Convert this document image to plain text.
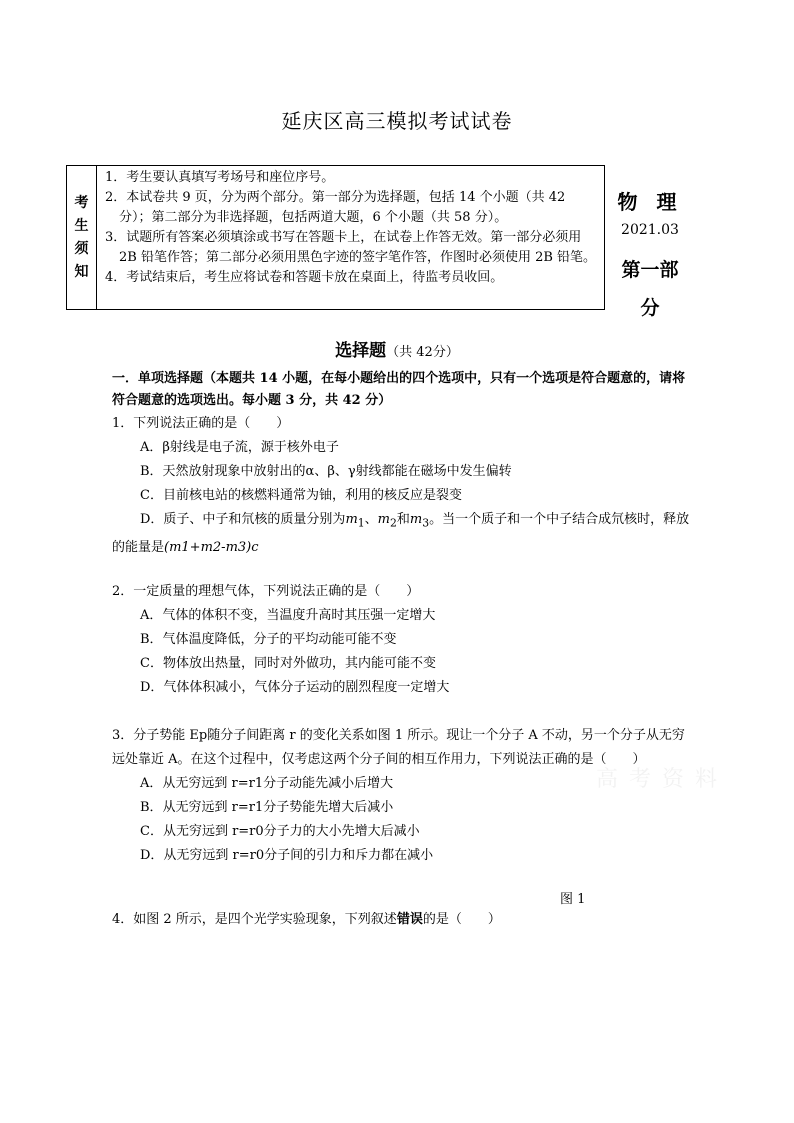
延庆区高三模拟考试试卷
考
生
须
知
1．考生要认真填写考场号和座位序号。
2．本试卷共 9 页，分为两个部分。第一部分为选择题，包括 14 个小题（共 42 分）；第二部分为非选择题，包括两道大题，6 个小题（共 58 分）。
3．试题所有答案必须填涂或书写在答题卡上，在试卷上作答无效。第一部分必须用 2B 铅笔作答；第二部分必须用黑色字迹的签字笔作答，作图时必须使用 2B 铅笔。
4．考试结束后，考生应将试卷和答题卡放在桌面上，待监考员收回。
物 理
2021.03
第一部
分
选择题（共 42分）
一．单项选择题（本题共 14 小题，在每小题给出的四个选项中，只有一个选项是符合题意的，请将符合题意的选项选出。每小题 3 分，共 42 分）
1．下列说法正确的是（　　）
A．β射线是电子流，源于核外电子
B．天然放射现象中放射出的α、β、γ射线都能在磁场中发生偏转
C．目前核电站的核燃料通常为铀，利用的核反应是裂变
D．质子、中子和氘核的质量分别为$m_1$、$m_2$和$m_3$。当一个质子和一个中子结合成氘核时，释放的能量是(m1+m2-m3)c
2．一定质量的理想气体，下列说法正确的是（　　）
A．气体的体积不变，当温度升高时其压强一定增大
B．气体温度降低，分子的平均动能可能不变
C．物体放出热量，同时对外做功，其内能可能不变
D．气体体积减小，气体分子运动的剧烈程度一定增大
3．分子势能 Ep随分子间距离 r 的变化关系如图 1 所示。现让一个分子 A 不动，另一个分子从无穷远处靠近 A。在这个过程中，仅考虑这两个分子间的相互作用力，下列说法正确的是（　　）
A．从无穷远到 r=r1分子动能先减小后增大
B．从无穷远到 r=r1分子势能先增大后减小
C．从无穷远到 r=r0分子力的大小先增大后减小
D．从无穷远到 r=r0分子间的引力和斥力都在减小
图 1
4．如图 2 所示，是四个光学实验现象，下列叙述错误的是（　　）
高 考 资 料
